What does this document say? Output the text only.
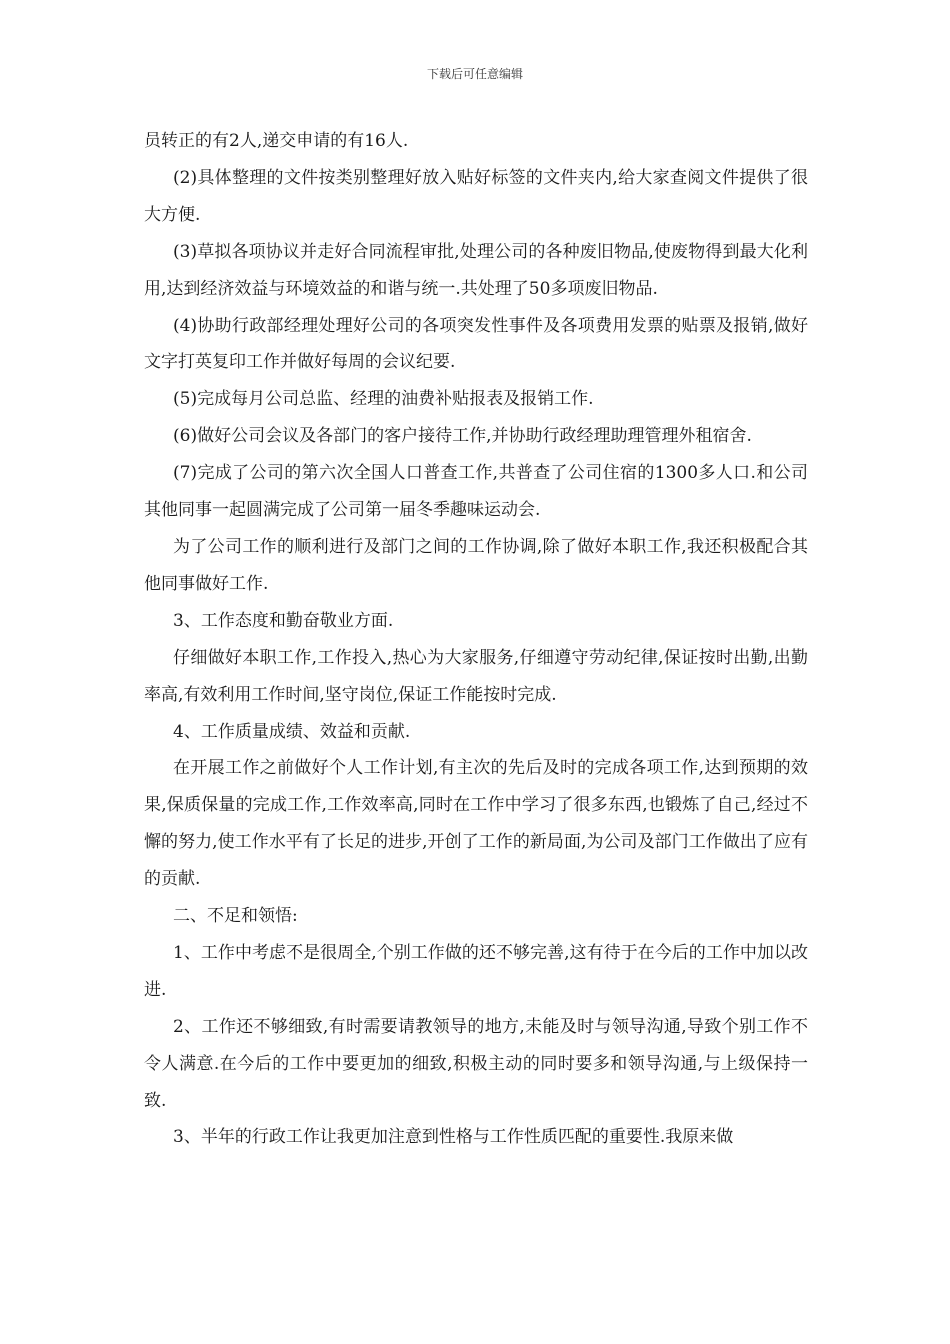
下载后可任意编辑

员转正的有2人,递交申请的有16人.

(2)具体整理的文件按类别整理好放入贴好标签的文件夹内,给大家查阅文件提供了很大方便.

(3)草拟各项协议并走好合同流程审批,处理公司的各种废旧物品,使废物得到最大化利用,达到经济效益与环境效益的和谐与统一.共处理了50多项废旧物品.

(4)协助行政部经理处理好公司的各项突发性事件及各项费用发票的贴票及报销,做好文字打英复印工作并做好每周的会议纪要.

(5)完成每月公司总监、经理的油费补贴报表及报销工作.

(6)做好公司会议及各部门的客户接待工作,并协助行政经理助理管理外租宿舍.

(7)完成了公司的第六次全国人口普查工作,共普查了公司住宿的1300多人口.和公司其他同事一起圆满完成了公司第一届冬季趣味运动会.

为了公司工作的顺利进行及部门之间的工作协调,除了做好本职工作,我还积极配合其他同事做好工作.

3、工作态度和勤奋敬业方面.

仔细做好本职工作,工作投入,热心为大家服务,仔细遵守劳动纪律,保证按时出勤,出勤率高,有效利用工作时间,坚守岗位,保证工作能按时完成.

4、工作质量成绩、效益和贡献.

在开展工作之前做好个人工作计划,有主次的先后及时的完成各项工作,达到预期的效果,保质保量的完成工作,工作效率高,同时在工作中学习了很多东西,也锻炼了自己,经过不懈的努力,使工作水平有了长足的进步,开创了工作的新局面,为公司及部门工作做出了应有的贡献.

二、不足和领悟:

1、工作中考虑不是很周全,个别工作做的还不够完善,这有待于在今后的工作中加以改进.

2、工作还不够细致,有时需要请教领导的地方,未能及时与领导沟通,导致个别工作不令人满意.在今后的工作中要更加的细致,积极主动的同时要多和领导沟通,与上级保持一致.

3、半年的行政工作让我更加注意到性格与工作性质匹配的重要性.我原来做
